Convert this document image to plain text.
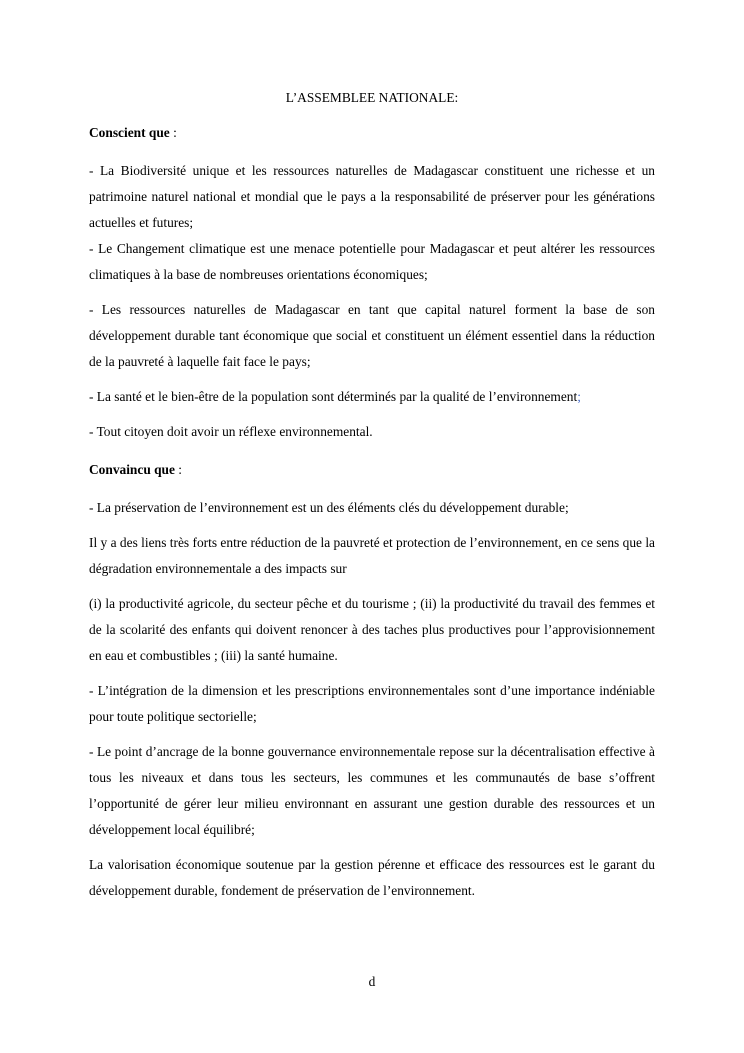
L’ASSEMBLEE NATIONALE:
Conscient que :
- La Biodiversité unique et les ressources naturelles de Madagascar constituent une richesse et un patrimoine naturel national et mondial que le pays a la responsabilité de préserver pour les générations actuelles et futures;
- Le Changement climatique est une menace potentielle pour Madagascar et peut altérer les ressources climatiques à la base de nombreuses orientations économiques;
- Les ressources naturelles de Madagascar en tant que capital naturel forment la base de son développement durable tant économique que social et constituent un élément essentiel dans la réduction de la pauvreté à laquelle fait face le pays;
- La santé et le bien-être de la population sont déterminés par la qualité de l’environnement;
- Tout citoyen doit avoir un réflexe environnemental.
Convaincu que :
- La préservation de l’environnement est un des éléments clés du développement durable;
Il y a des liens très forts entre réduction de la pauvreté et protection de l’environnement, en ce sens que la dégradation environnementale a des impacts sur
(i) la productivité agricole, du secteur pêche et du tourisme ; (ii) la productivité du travail des femmes et de la scolarité des enfants qui doivent renoncer à des taches plus productives pour l’approvisionnement en eau et combustibles ; (iii) la santé humaine.
- L’intégration de la dimension et les prescriptions environnementales sont d’une importance indéniable pour toute politique sectorielle;
- Le point d’ancrage de la bonne gouvernance environnementale repose sur la décentralisation effective à tous les niveaux et dans tous les secteurs, les communes et les communautés de base s’offrent l’opportunité de gérer leur milieu environnant en assurant une gestion durable des ressources et un développement local équilibré;
La valorisation économique soutenue par la gestion pérenne et efficace des ressources est le garant du développement durable, fondement de préservation de l’environnement.
d
